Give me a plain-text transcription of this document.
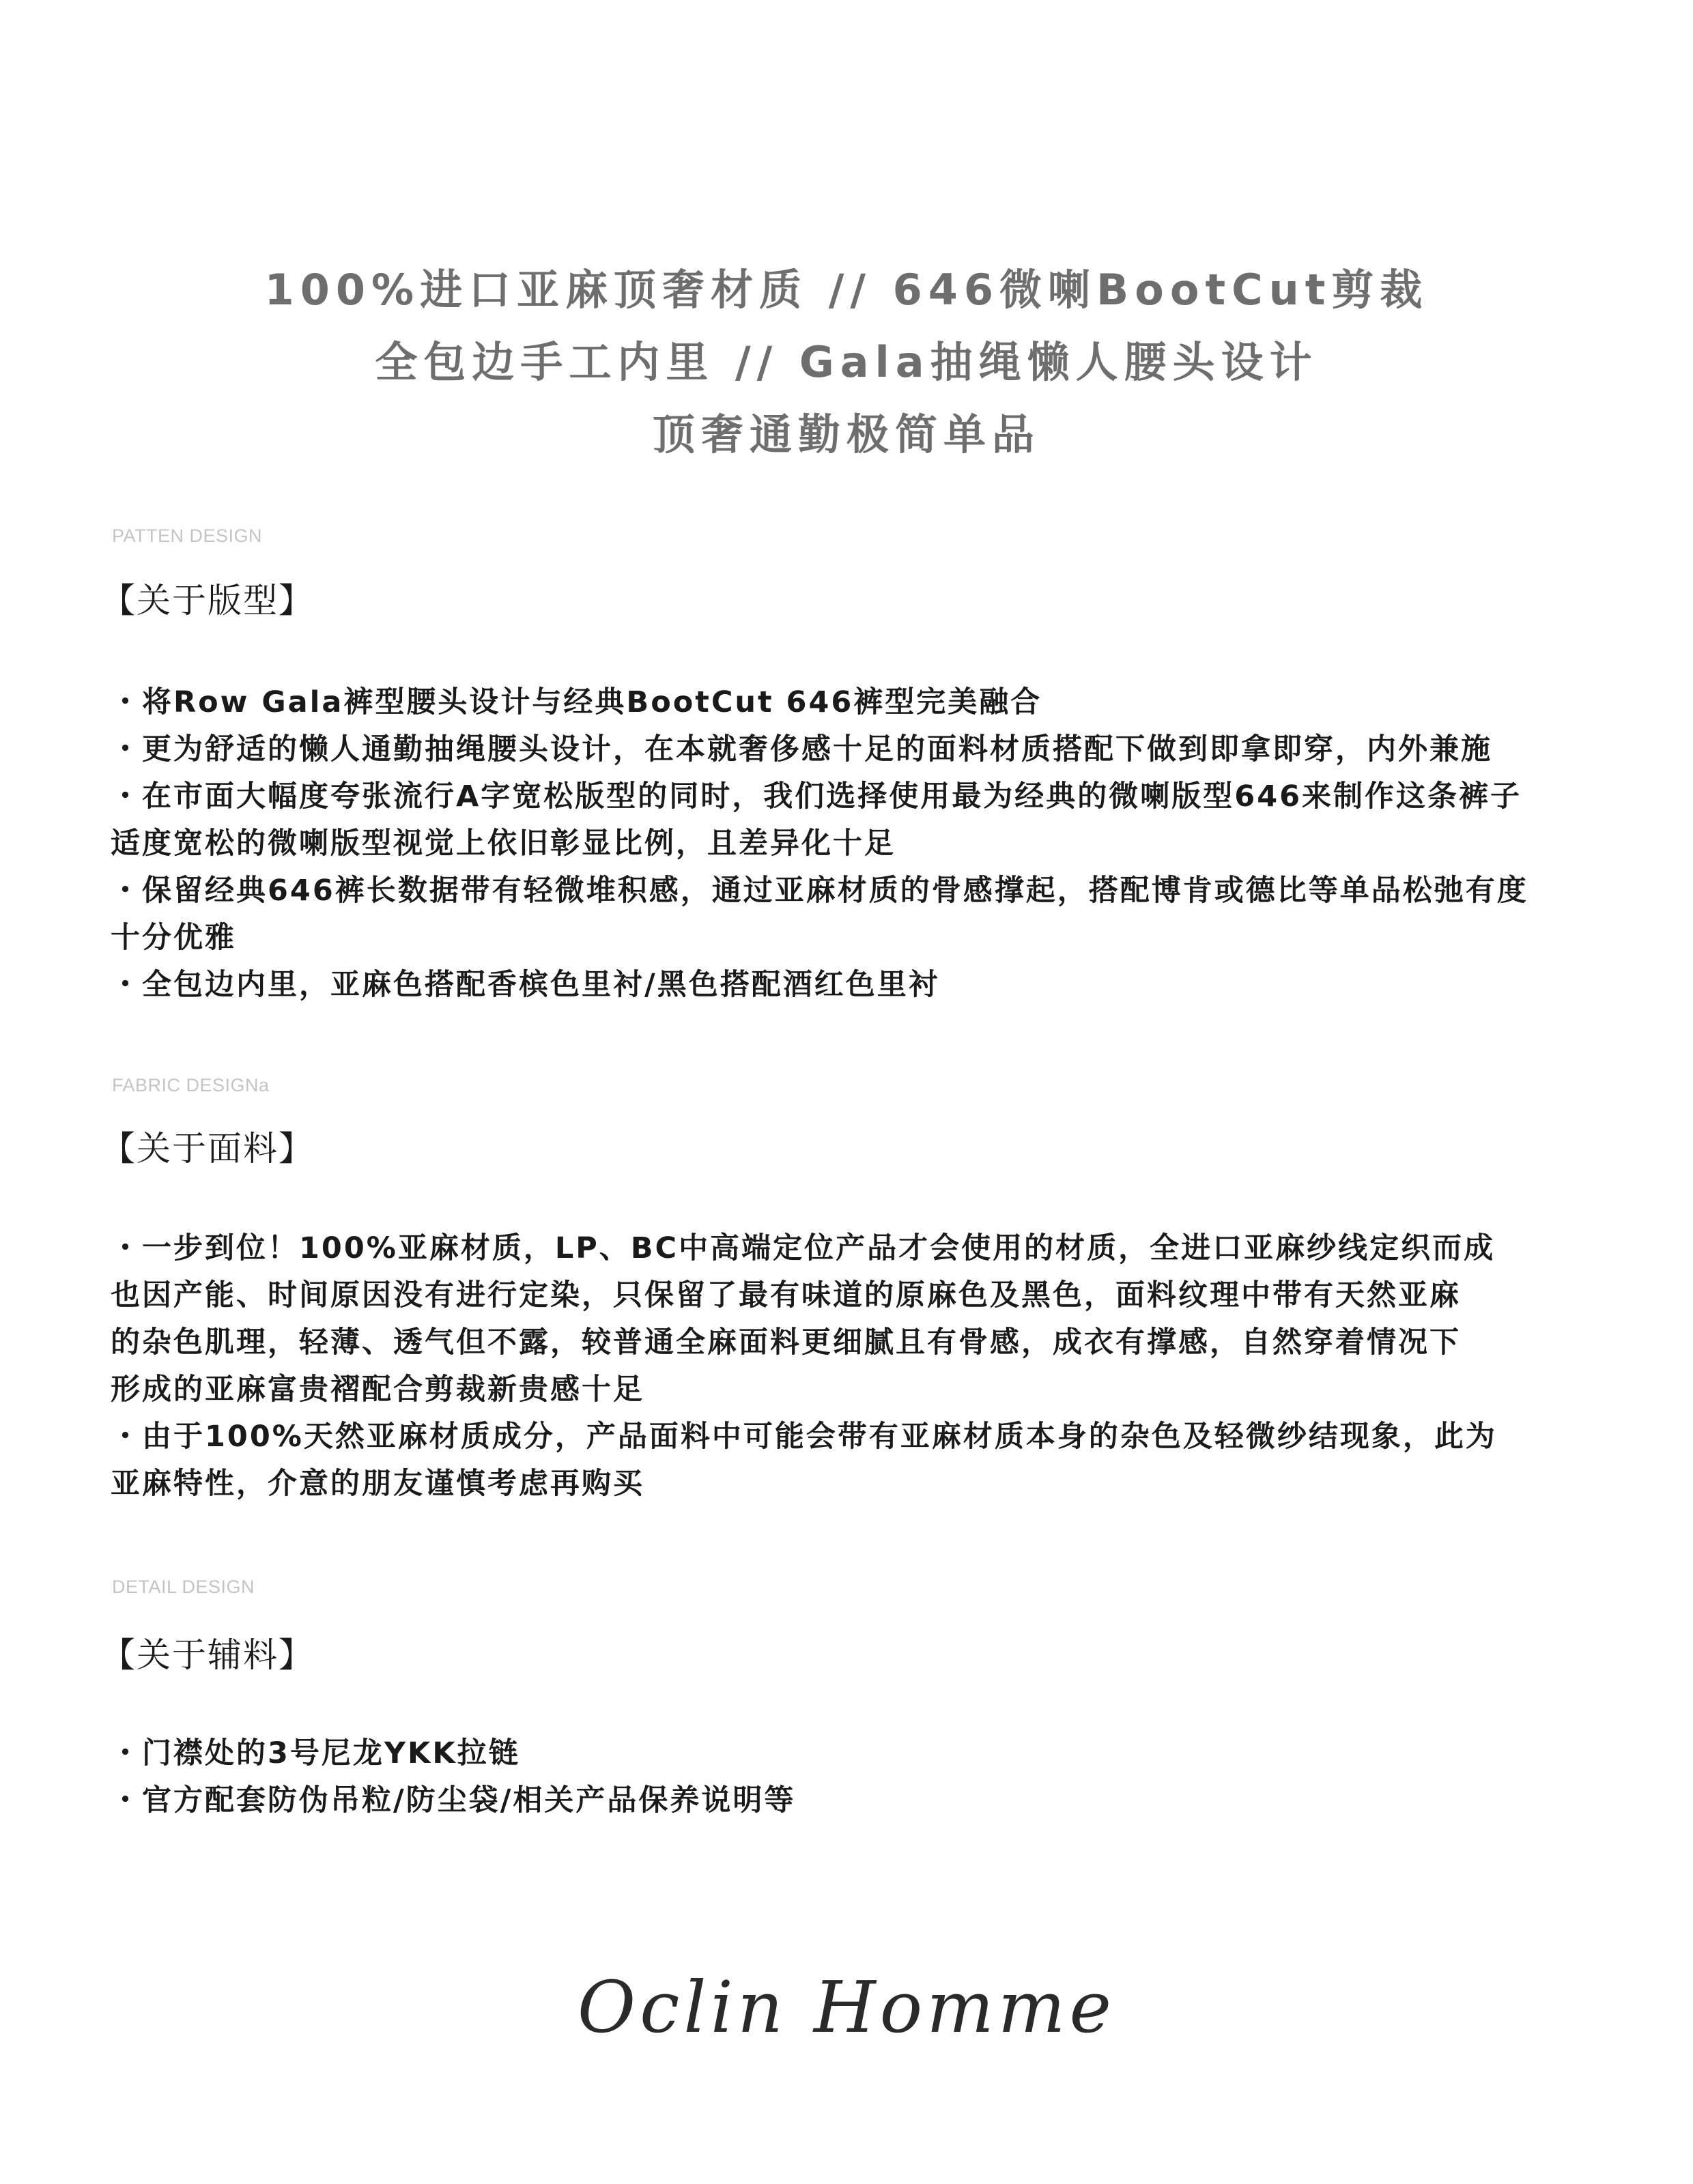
100%进口亚麻顶奢材质 // 646微喇BootCut剪裁
全包边手工内里 // Gala抽绳懒人腰头设计
顶奢通勤极简单品
PATTEN DESIGN
【关于版型】
・将Row Gala裤型腰头设计与经典BootCut 646裤型完美融合
・更为舒适的懒人通勤抽绳腰头设计，在本就奢侈感十足的面料材质搭配下做到即拿即穿，内外兼施
・在市面大幅度夸张流行A字宽松版型的同时，我们选择使用最为经典的微喇版型646来制作这条裤子
适度宽松的微喇版型视觉上依旧彰显比例，且差异化十足
・保留经典646裤长数据带有轻微堆积感，通过亚麻材质的骨感撑起，搭配博肯或德比等单品松弛有度
十分优雅
・全包边内里，亚麻色搭配香槟色里衬/黑色搭配酒红色里衬
FABRIC DESIGNa
【关于面料】
・一步到位！100%亚麻材质，LP、BC中高端定位产品才会使用的材质，全进口亚麻纱线定织而成
也因产能、时间原因没有进行定染，只保留了最有味道的原麻色及黑色，面料纹理中带有天然亚麻
的杂色肌理，轻薄、透气但不露，较普通全麻面料更细腻且有骨感，成衣有撑感，自然穿着情况下
形成的亚麻富贵褶配合剪裁新贵感十足
・由于100%天然亚麻材质成分，产品面料中可能会带有亚麻材质本身的杂色及轻微纱结现象，此为
亚麻特性，介意的朋友谨慎考虑再购买
DETAIL DESIGN
【关于辅料】
・门襟处的3号尼龙YKK拉链
・官方配套防伪吊粒/防尘袋/相关产品保养说明等
Oclin Homme
